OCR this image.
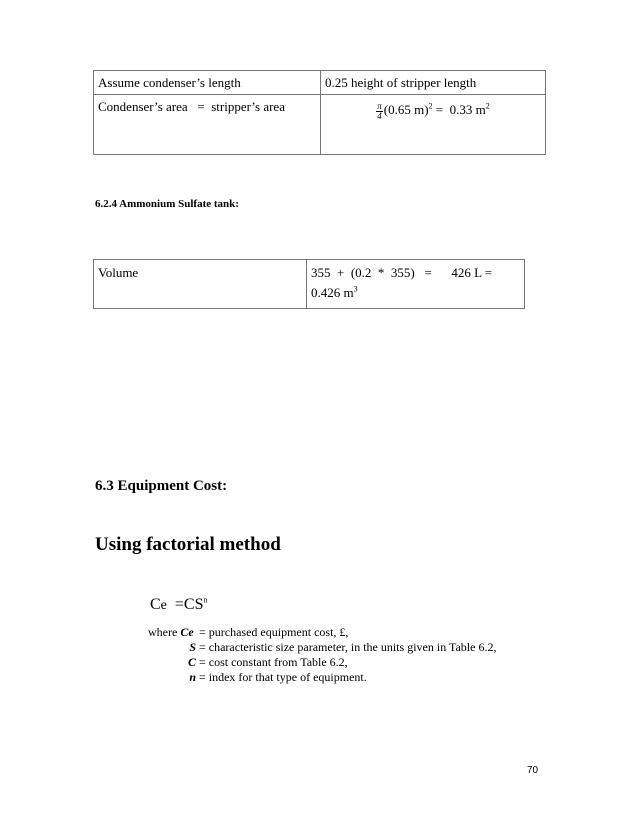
Assume condenser’s length	0.25 height of stripper length
Condenser’s area   =  stripper’s area	$\frac{\pi}{4} (0.65$ m)$^2$ =  0.33 $m^2$
6.2.4 Ammonium Sulfate tank:
Volume	355  +  (0.2  *  355)   =      426 L =
0.426 $m^3$
6.3 Equipment Cost:
Using factorial method
$Ce =CS^n$
where Ce = purchased equipment cost, £,
S = characteristic size parameter, in the units given in Table 6.2,
C = cost constant from Table 6.2,
n = index for that type of equipment.
70
